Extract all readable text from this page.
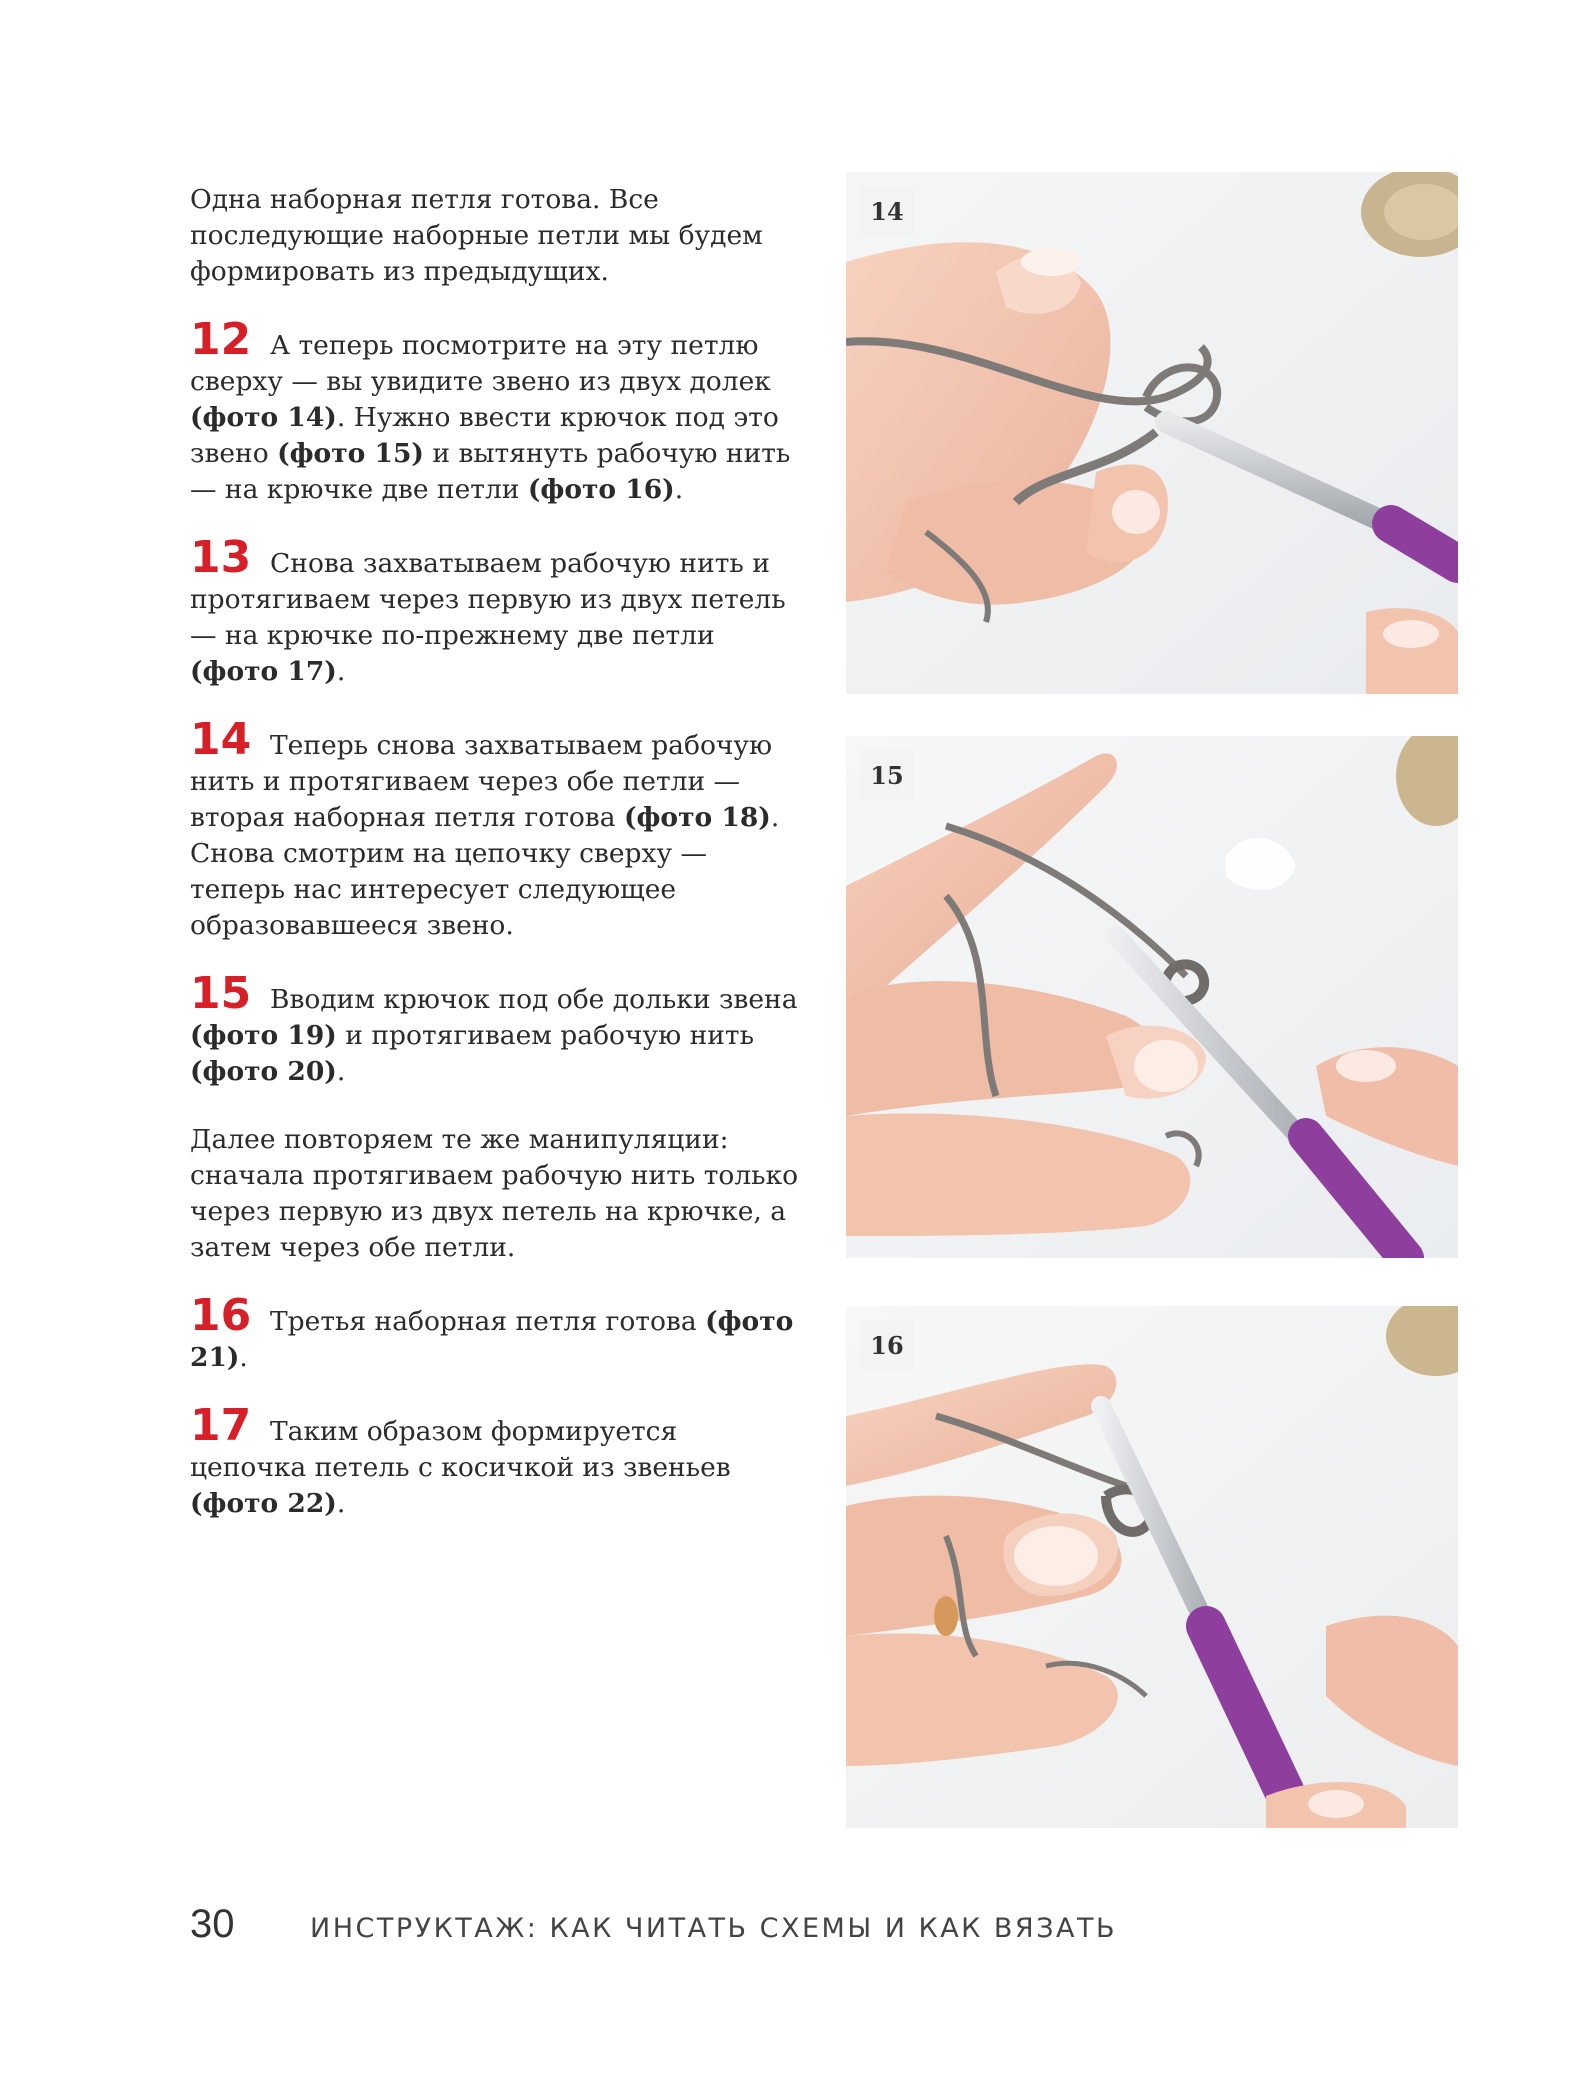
Одна наборная петля готова. Все последующие наборные петли мы будем формировать из предыдущих.

12 А теперь посмотрите на эту петлю сверху — вы увидите звено из двух долек (фото 14). Нужно ввести крючок под это звено (фото 15) и вытянуть рабочую нить — на крючке две петли (фото 16).
13 Снова захватываем рабочую нить и протягиваем через первую из двух петель — на крючке по-прежнему две петли (фото 17).
14 Теперь снова захватываем рабочую нить и протягиваем через обе петли — вторая наборная петля готова (фото 18). Снова смотрим на цепочку сверху — теперь нас интересует следующее образовавшееся звено.
15 Вводим крючок под обе дольки звена (фото 19) и протягиваем рабочую нить (фото 20).

Далее повторяем те же манипуляции: сначала протягиваем рабочую нить только через первую из двух петель на крючке, а затем через обе петли.

16 Третья наборная петля готова (фото 21).
17 Таким образом формируется цепочка петель с косичкой из звеньев (фото 22).
14
15
16
30	ИНСТРУКТАЖ: КАК ЧИТАТЬ СХЕМЫ И КАК ВЯЗАТЬ
